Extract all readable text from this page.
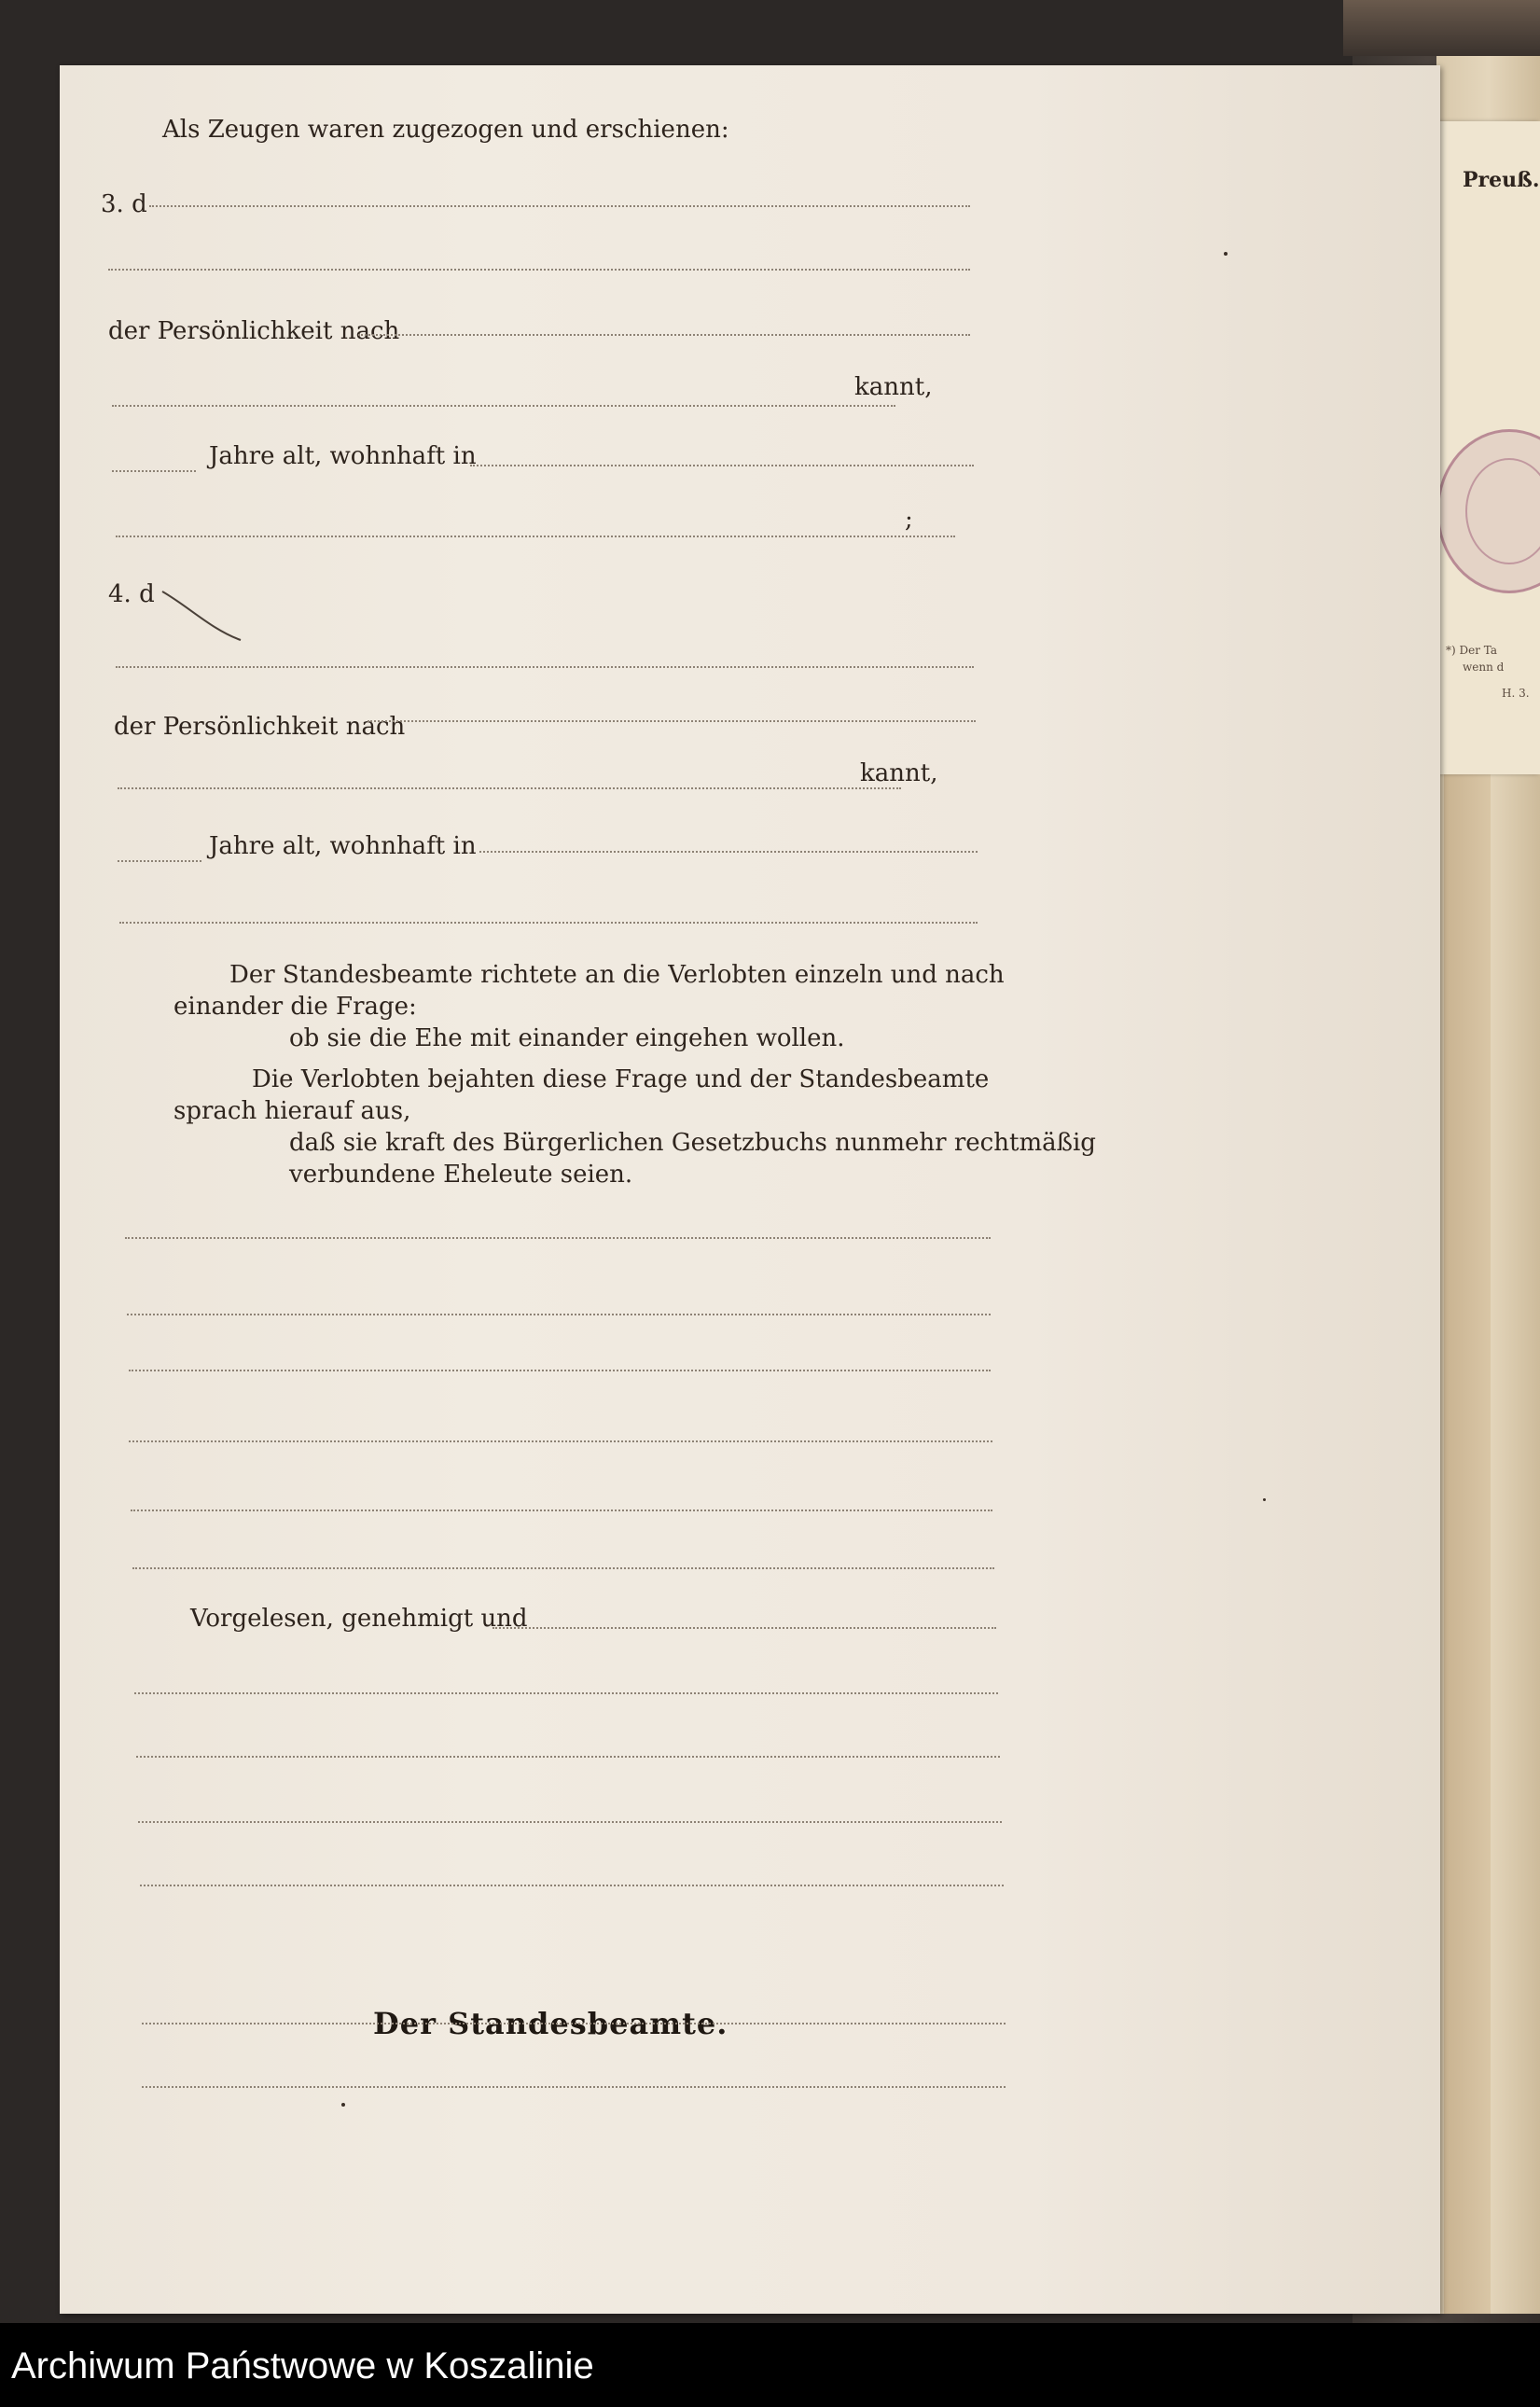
Preuß.
*) Der Ta
wenn d
H. 3.
Als Zeugen waren zugezogen und erschienen:
3. d
der Persönlichkeit nach
kannt,
Jahre alt, wohnhaft in
;
4. d
der Persönlichkeit nach
kannt,
Jahre alt, wohnhaft in
Der Standesbeamte richtete an die Verlobten einzeln und nach
einander die Frage:
ob sie die Ehe mit einander eingehen wollen.
Die Verlobten bejahten diese Frage und der Standesbeamte
sprach hierauf aus,
daß sie kraft des Bürgerlichen Gesetzbuchs nunmehr rechtmäßig
verbundene Eheleute seien.
Vorgelesen, genehmigt und
Der Standesbeamte.
Archiwum Państwowe w Koszalinie
